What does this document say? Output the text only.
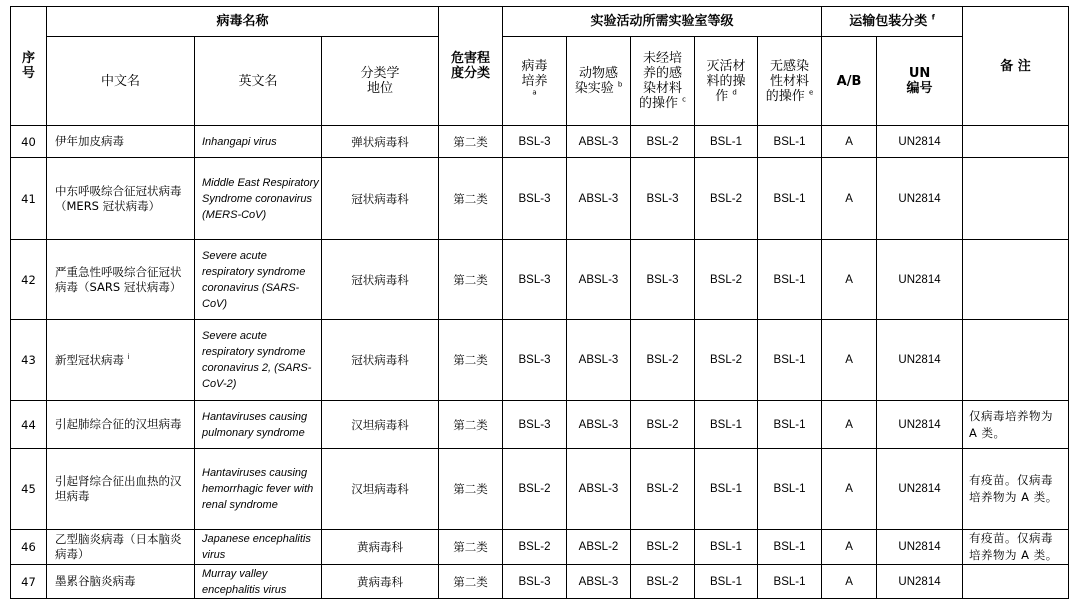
序号	病毒名称			危害程度分类	实验活动所需实验室等级					运输包装分类 $^f$		备 注
	中文名	英文名	分类学地位		病毒培养 $^a$	动物感染实验 $^b$	未经培养的感染材料的操作 $^c$	灭活材料的操作 $^d$	无感染性材料的操作 $^e$	A/B	UN编号	

40	伊年加皮病毒	Inhangapi virus	弹状病毒科	第二类	BSL-3	ABSL-3	BSL-2	BSL-1	BSL-1	A	UN2814	
41	中东呼吸综合征冠状病毒（MERS 冠状病毒）	Middle East Respiratory Syndrome coronavirus (MERS-CoV)	冠状病毒科	第二类	BSL-3	ABSL-3	BSL-3	BSL-2	BSL-1	A	UN2814	
42	严重急性呼吸综合征冠状病毒（SARS 冠状病毒）	Severe acute respiratory syndrome coronavirus (SARS-CoV)	冠状病毒科	第二类	BSL-3	ABSL-3	BSL-3	BSL-2	BSL-1	A	UN2814	
43	新型冠状病毒 $^i$	Severe acute respiratory syndrome coronavirus 2, (SARS-CoV-2)	冠状病毒科	第二类	BSL-3	ABSL-3	BSL-2	BSL-2	BSL-1	A	UN2814	
44	引起肺综合征的汉坦病毒	Hantaviruses causing pulmonary syndrome	汉坦病毒科	第二类	BSL-3	ABSL-3	BSL-2	BSL-1	BSL-1	A	UN2814	仅病毒培养物为 A 类。
45	引起肾综合征出血热的汉坦病毒	Hantaviruses causing hemorrhagic fever with renal syndrome	汉坦病毒科	第二类	BSL-2	ABSL-3	BSL-2	BSL-1	BSL-1	A	UN2814	有疫苗。仅病毒培养物为 A 类。
46	乙型脑炎病毒（日本脑炎病毒）	Japanese encephalitis virus	黄病毒科	第二类	BSL-2	ABSL-2	BSL-2	BSL-1	BSL-1	A	UN2814	有疫苗。仅病毒培养物为 A 类。
47	墨累谷脑炎病毒	Murray valley encephalitis virus	黄病毒科	第二类	BSL-3	ABSL-3	BSL-2	BSL-1	BSL-1	A	UN2814	
